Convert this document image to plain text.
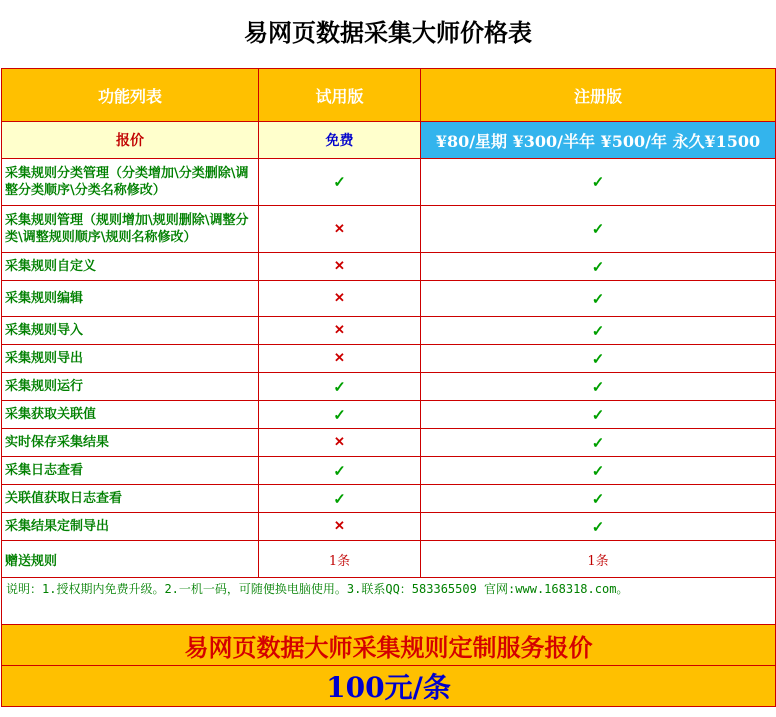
易网页数据采集大师价格表
功能列表	试用版	注册版
报价	免费	¥80/星期 ¥300/半年 ¥500/年 永久¥1500
采集规则分类管理（分类增加\分类删除\调整分类顺序\分类名称修改）	✓	✓
采集规则管理（规则增加\规则删除\调整分类\调整规则顺序\规则名称修改）	✕	✓
采集规则自定义	✕	✓
采集规则编辑	✕	✓
采集规则导入	✕	✓
采集规则导出	✕	✓
采集规则运行	✓	✓
采集获取关联值	✓	✓
实时保存采集结果	✕	✓
采集日志查看	✓	✓
关联值获取日志查看	✓	✓
采集结果定制导出	✕	✓
赠送规则	1条	1条
说明：1.授权期内免费升级。2.一机一码，可随便换电脑使用。3.联系QQ：583365509 官网:www.168318.com。		
易网页数据大师采集规则定制服务报价		
100元/条		
